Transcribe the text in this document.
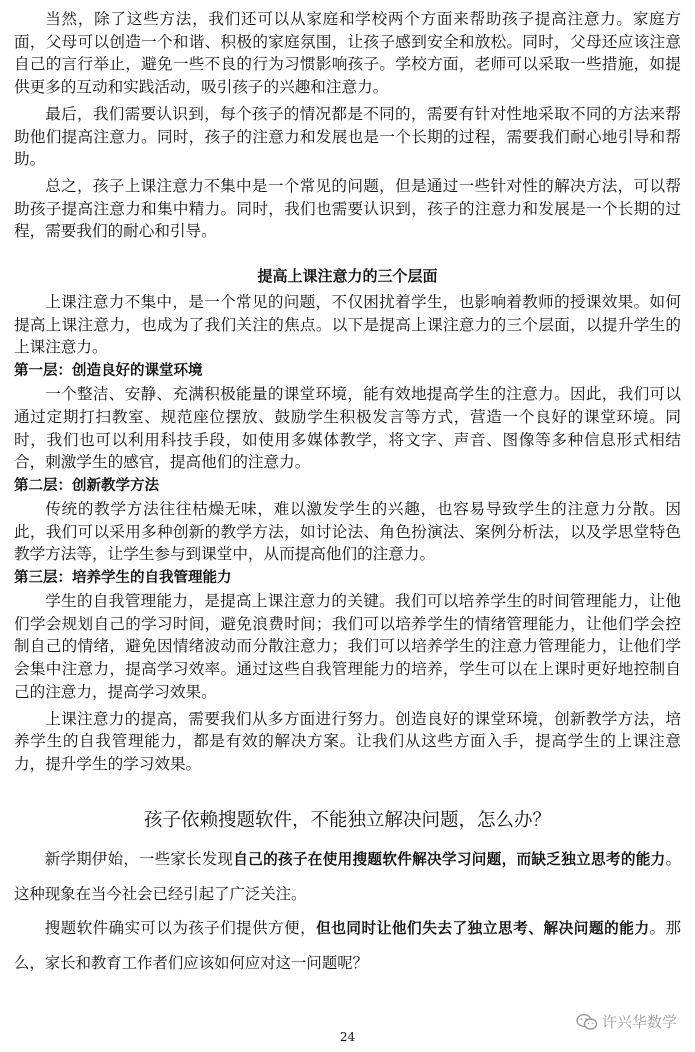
当然，除了这些方法，我们还可以从家庭和学校两个方面来帮助孩子提高注意力。家庭方面，父母可以创造一个和谐、积极的家庭氛围，让孩子感到安全和放松。同时，父母还应该注意自己的言行举止，避免一些不良的行为习惯影响孩子。学校方面，老师可以采取一些措施，如提供更多的互动和实践活动，吸引孩子的兴趣和注意力。

最后，我们需要认识到，每个孩子的情况都是不同的，需要有针对性地采取不同的方法来帮助他们提高注意力。同时，孩子的注意力和发展也是一个长期的过程，需要我们耐心地引导和帮助。

总之，孩子上课注意力不集中是一个常见的问题，但是通过一些针对性的解决方法，可以帮助孩子提高注意力和集中精力。同时，我们也需要认识到，孩子的注意力和发展是一个长期的过程，需要我们的耐心和引导。

提高上课注意力的三个层面

上课注意力不集中，是一个常见的问题，不仅困扰着学生，也影响着教师的授课效果。如何提高上课注意力，也成为了我们关注的焦点。以下是提高上课注意力的三个层面，以提升学生的上课注意力。

第一层：创造良好的课堂环境

一个整洁、安静、充满积极能量的课堂环境，能有效地提高学生的注意力。因此，我们可以通过定期打扫教室、规范座位摆放、鼓励学生积极发言等方式，营造一个良好的课堂环境。同时，我们也可以利用科技手段，如使用多媒体教学，将文字、声音、图像等多种信息形式相结合，刺激学生的感官，提高他们的注意力。

第二层：创新教学方法

传统的教学方法往往枯燥无味，难以激发学生的兴趣，也容易导致学生的注意力分散。因此，我们可以采用多种创新的教学方法，如讨论法、角色扮演法、案例分析法，以及学思堂特色教学方法等，让学生参与到课堂中，从而提高他们的注意力。

第三层：培养学生的自我管理能力

学生的自我管理能力，是提高上课注意力的关键。我们可以培养学生的时间管理能力，让他们学会规划自己的学习时间，避免浪费时间；我们可以培养学生的情绪管理能力，让他们学会控制自己的情绪，避免因情绪波动而分散注意力；我们可以培养学生的注意力管理能力，让他们学会集中注意力，提高学习效率。通过这些自我管理能力的培养，学生可以在上课时更好地控制自己的注意力，提高学习效果。

上课注意力的提高，需要我们从多方面进行努力。创造良好的课堂环境，创新教学方法，培养学生的自我管理能力，都是有效的解决方案。让我们从这些方面入手，提高学生的上课注意力，提升学生的学习效果。

孩子依赖搜题软件，不能独立解决问题，怎么办？

新学期伊始，一些家长发现自己的孩子在使用搜题软件解决学习问题，而缺乏独立思考的能力。这种现象在当今社会已经引起了广泛关注。

搜题软件确实可以为孩子们提供方便，但也同时让他们失去了独立思考、解决问题的能力。那么，家长和教育工作者们应该如何应对这一问题呢？

许兴华数学
24
